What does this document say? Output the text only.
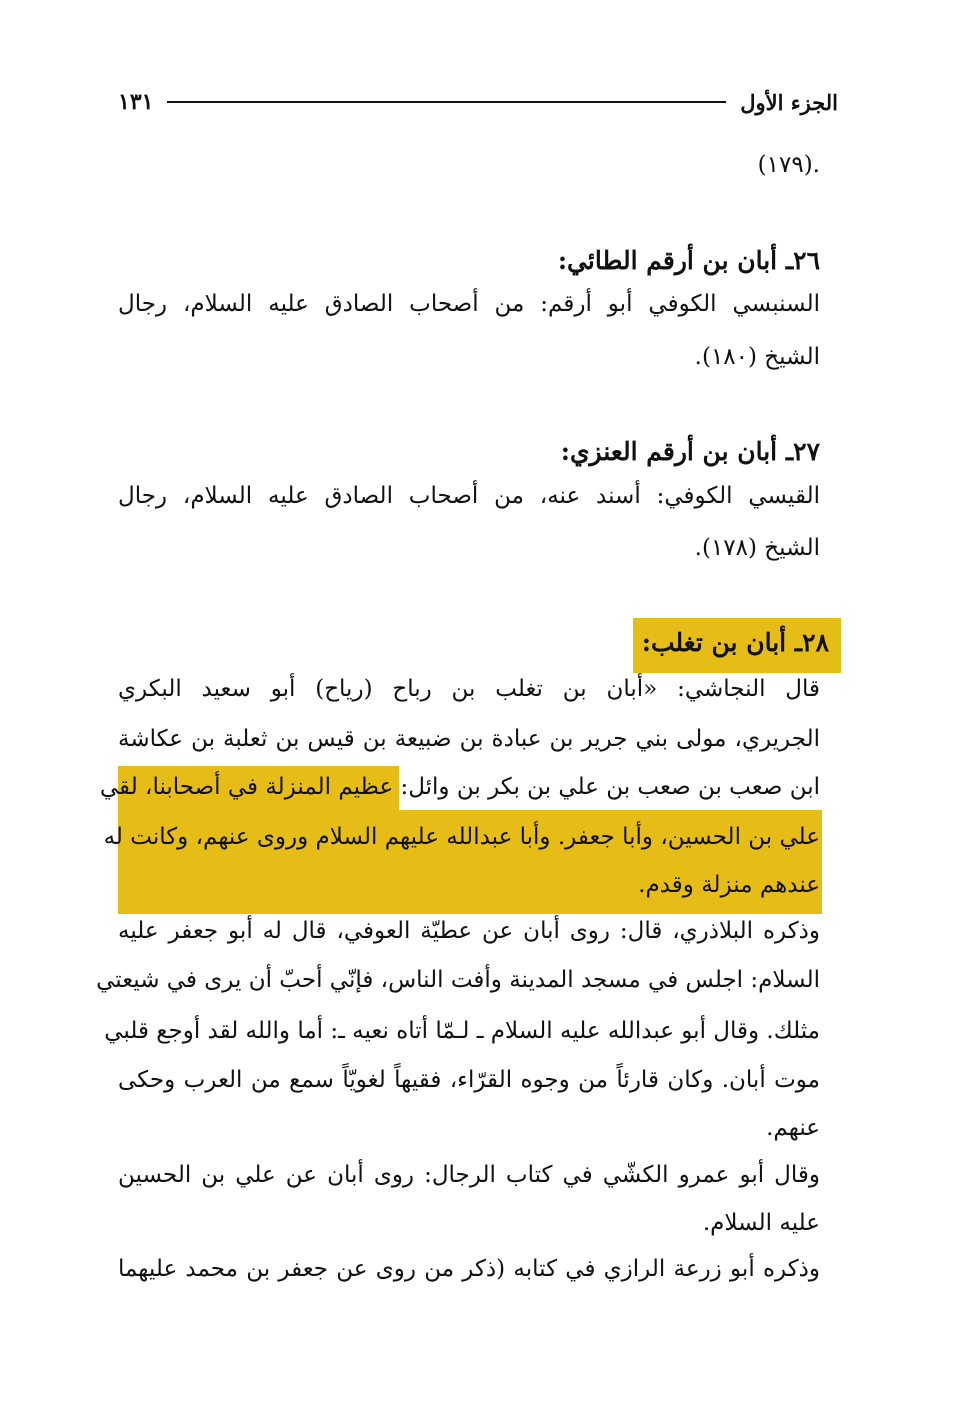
الجزء الأول
١٣١
.(١٧٩)
٢٦ـ أبان بن أرقم الطائي:
السنبسي الكوفي أبو أرقم: من أصحاب الصادق عليه السلام، رجال
الشيخ (١٨٠).
٢٧ـ أبان بن أرقم العنزي:
القيسي الكوفي: أسند عنه، من أصحاب الصادق عليه السلام، رجال
الشيخ (١٧٨).
٢٨ـ أبان بن تغلب:
قال النجاشي: «أبان بن تغلب بن رباح (رياح) أبو سعيد البكري
الجريري، مولى بني جرير بن عبادة بن ضبيعة بن قيس بن ثعلبة بن عكاشة
ابن صعب بن صعب بن علي بن بكر بن وائل: عظيم المنزلة في أصحابنا، لقي
علي بن الحسين، وأبا جعفر. وأبا عبدالله عليهم السلام وروى عنهم، وكانت له
عندهم منزلة وقدم.
وذكره البلاذري، قال: روى أبان عن عطيّة العوفي، قال له أبو جعفر عليه
السلام: اجلس في مسجد المدينة وأفت الناس، فإنّي أحبّ أن يرى في شيعتي
مثلك. وقال أبو عبدالله عليه السلام ـ لـمّا أتاه نعيه ـ: أما والله لقد أوجع قلبي
موت أبان. وكان قارئاً من وجوه القرّاء، فقيهاً لغويّاً سمع من العرب وحكى
عنهم.
وقال أبو عمرو الكشّي في كتاب الرجال: روى أبان عن علي بن الحسين
عليه السلام.
وذكره أبو زرعة الرازي في كتابه (ذكر من روى عن جعفر بن محمد عليهما
